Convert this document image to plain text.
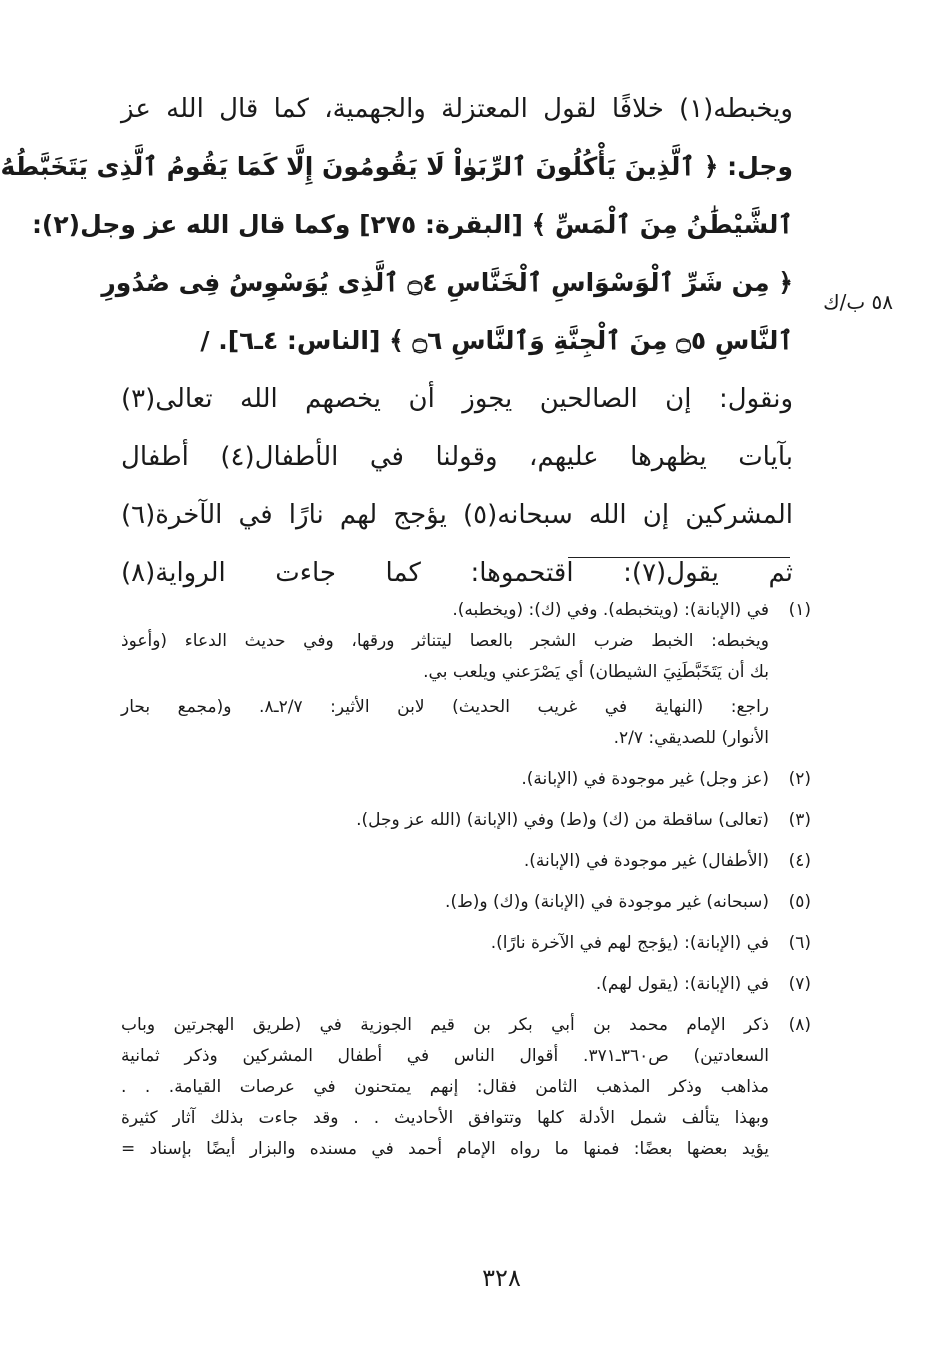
٥٨ ب/ك
ويخبطه(١) خلافًا لقول المعتزلة والجهمية، كما قال الله عز
وجل: ﴿ ٱلَّذِينَ يَأْكُلُونَ ٱلرِّبَوٰاْ لَا يَقُومُونَ إِلَّا كَمَا يَقُومُ ٱلَّذِى يَتَخَبَّطُهُ
ٱلشَّيْطَٰنُ مِنَ ٱلْمَسِّ ﴾ [البقرة: ٢٧٥] وكما قال الله عز وجل(٢):
﴿ مِن شَرِّ ٱلْوَسْوَاسِ ٱلْخَنَّاسِ ۝٤ ٱلَّذِى يُوَسْوِسُ فِى صُدُورِ
ٱلنَّاسِ ۝٥ مِنَ ٱلْجِنَّةِ وَٱلنَّاسِ ۝٦ ﴾ [الناس: ٤ـ٦]. /
ونقول: إن الصالحين يجوز أن يخصهم الله تعالى(٣)
بآيات يظهرها عليهم، وقولنا في الأطفال(٤) أطفال
المشركين إن الله سبحانه(٥) يؤجج لهم نارًا في الآخرة(٦)
ثم يقول(٧): اقتحموها: كما جاءت الرواية(٨)
(١)
في (الإبانة): (ويتخبطه). وفي (ك): (ويخطبه).
ويخبطه: الخبط ضرب الشجر بالعصا ليتناثر ورقها، وفي حديث الدعاء (وأعوذ
بك أن يَتَخَبَّطَنِيَ الشيطان) أي يَصْرَعني ويلعب بي.
راجع: (النهاية في غريب الحديث) لابن الأثير: ٢/٧ـ٨. و(مجمع بحار
الأنوار) للصديقي: ٢/٧.
(٢)
(عز وجل) غير موجودة في (الإبانة).
(٣)
(تعالى) ساقطة من (ك) و(ط) وفي (الإبانة) (الله عز وجل).
(٤)
(الأطفال) غير موجودة في (الإبانة).
(٥)
(سبحانه) غير موجودة في (الإبانة) و(ك) و(ط).
(٦)
في (الإبانة): (يؤجج لهم في الآخرة نارًا).
(٧)
في (الإبانة): (يقول لهم).
(٨)
ذكر الإمام محمد بن أبي بكر بن قيم الجوزية في (طريق الهجرتين وباب
السعادتين) ص٣٦٠ـ٣٧١. أقوال الناس في أطفال المشركين وذكر ثمانية
مذاهب وذكر المذهب الثامن فقال: إنهم يمتحنون في عرصات القيامة. . .
وبهذا يتألف شمل الأدلة كلها وتتوافق الأحاديث . . وقد جاءت بذلك آثار كثيرة
يؤيد بعضها بعضًا: فمنها ما رواه الإمام أحمد في مسنده والبزار أيضًا بإسناد =
٣٢٨
